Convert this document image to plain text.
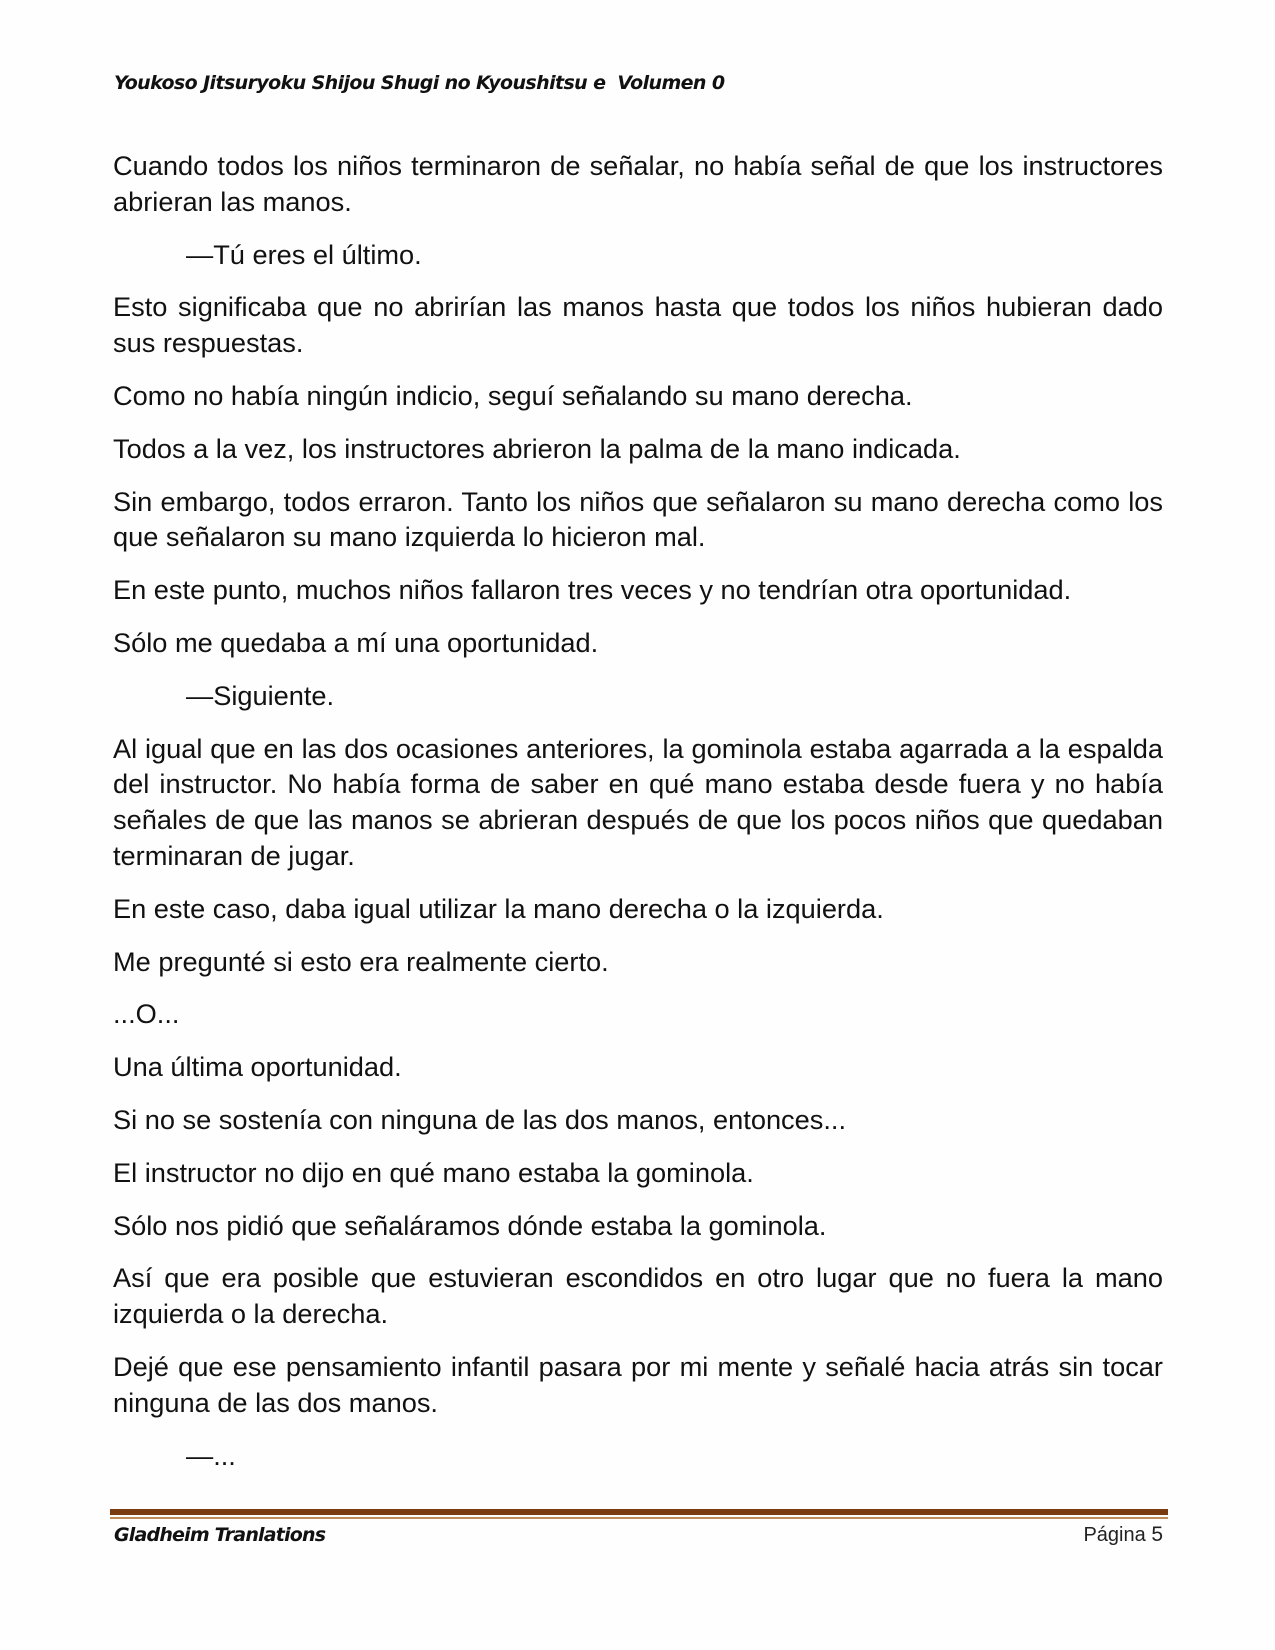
Youkoso Jitsuryoku Shijou Shugi no Kyoushitsu e  Volumen 0

Cuando todos los niños terminaron de señalar, no había señal de que los instructores abrieran las manos.

—Tú eres el último.

Esto significaba que no abrirían las manos hasta que todos los niños hubieran dado sus respuestas.

Como no había ningún indicio, seguí señalando su mano derecha.

Todos a la vez, los instructores abrieron la palma de la mano indicada.

Sin embargo, todos erraron. Tanto los niños que señalaron su mano derecha como los que señalaron su mano izquierda lo hicieron mal.

En este punto, muchos niños fallaron tres veces y no tendrían otra oportunidad.

Sólo me quedaba a mí una oportunidad.

—Siguiente.

Al igual que en las dos ocasiones anteriores, la gominola estaba agarrada a la espalda del instructor. No había forma de saber en qué mano estaba desde fuera y no había señales de que las manos se abrieran después de que los pocos niños que quedaban terminaran de jugar.

En este caso, daba igual utilizar la mano derecha o la izquierda.

Me pregunté si esto era realmente cierto.

...O...

Una última oportunidad.

Si no se sostenía con ninguna de las dos manos, entonces...

El instructor no dijo en qué mano estaba la gominola.

Sólo nos pidió que señaláramos dónde estaba la gominola.

Así que era posible que estuvieran escondidos en otro lugar que no fuera la mano izquierda o la derecha.

Dejé que ese pensamiento infantil pasara por mi mente y señalé hacia atrás sin tocar ninguna de las dos manos.

—...

Gladheim Tranlations	Página 5
